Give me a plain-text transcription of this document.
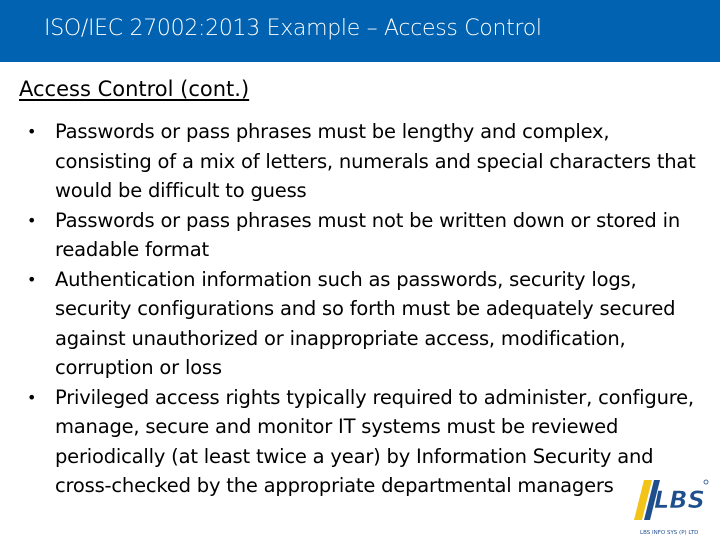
ISO/IEC 27002:2013 Example – Access Control
Access Control (cont.)
• Passwords or pass phrases must be lengthy and complex, consisting of a mix of letters, numerals and special characters that would be difficult to guess
• Passwords or pass phrases must not be written down or stored in readable format
• Authentication information such as passwords, security logs, security configurations and so forth must be adequately secured against unauthorized or inappropriate access, modification, corruption or loss
• Privileged access rights typically required to administer, configure, manage, secure and monitor IT systems must be reviewed periodically (at least twice a year) by Information Security and cross-checked by the appropriate departmental managers
LBS
LBS INFO SYS (P) LTD
